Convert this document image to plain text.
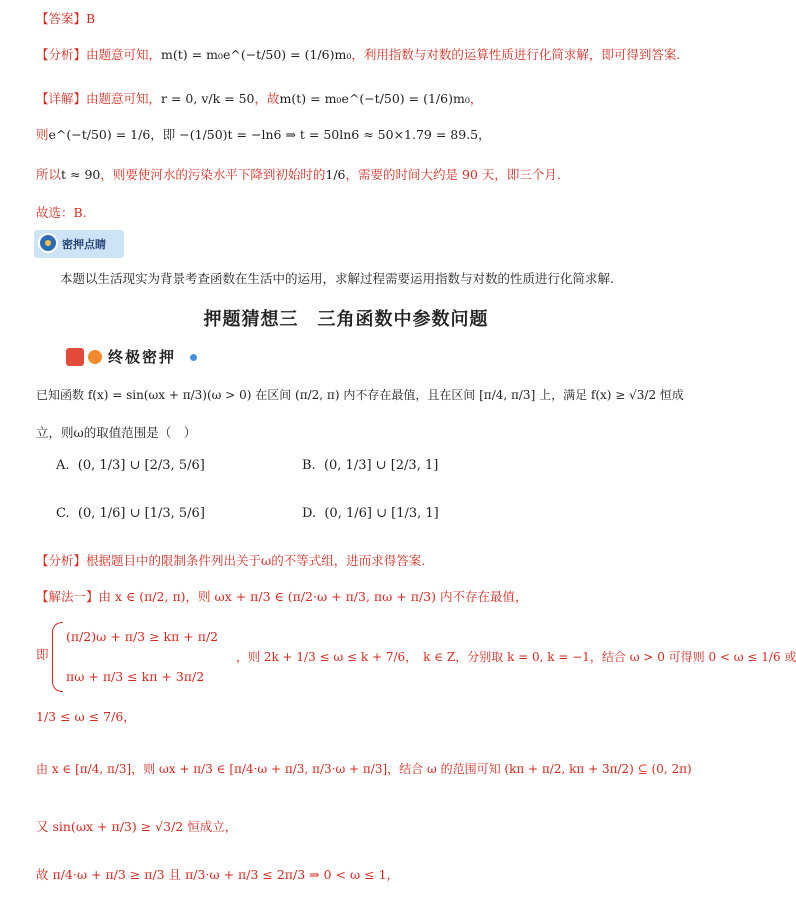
【答案】B
【分析】由题意可知，m(t) = m₀e^(−t/50) = (1/6)m₀，利用指数与对数的运算性质进行化简求解，即可得到答案.
【详解】由题意可知，r = 0, v/k = 50，故m(t) = m₀e^(−t/50) = (1/6)m₀，
则e^(−t/50) = 1/6，即 −(1/50)t = −ln6 ⇒ t = 50ln6 ≈ 50×1.79 = 89.5，
所以t ≈ 90，则要使河水的污染水平下降到初始时的1/6，需要的时间大约是 90 天，即三个月.
故选：B.
密押点睛
本题以生活现实为背景考查函数在生活中的运用，求解过程需要运用指数与对数的性质进行化简求解.
押题猜想三　三角函数中参数问题
终极密押
已知函数 f(x) = sin(ωx + π/3)(ω > 0) 在区间 (π/2, π) 内不存在最值，且在区间 [π/4, π/3] 上，满足 f(x) ≥ √3/2 恒成
立，则ω的取值范围是（　）
A. (0, 1/3] ∪ [2/3, 5/6]	B. (0, 1/3] ∪ [2/3, 1]
C. (0, 1/6] ∪ [1/3, 5/6]	D. (0, 1/6] ∪ [1/3, 1]
【分析】根据题目中的限制条件列出关于ω的不等式组，进而求得答案.
【解法一】由 x ∈ (π/2, π)，则 ωx + π/3 ∈ (π/2·ω + π/3, πω + π/3) 内不存在最值，
即
(π/2)ω + π/3 ≥ kπ + π/2
πω + π/3 ≤ kπ + 3π/2
，则 2k + 1/3 ≤ ω ≤ k + 7/6，　k ∈ Z，分别取 k = 0, k = −1，结合 ω > 0 可得则 0 < ω ≤ 1/6 或
1/3 ≤ ω ≤ 7/6，
由 x ∈ [π/4, π/3]，则 ωx + π/3 ∈ [π/4·ω + π/3, π/3·ω + π/3]，结合 ω 的范围可知 (kπ + π/2, kπ + 3π/2) ⊆ (0, 2π)
又 sin(ωx + π/3) ≥ √3/2 恒成立，
故 π/4·ω + π/3 ≥ π/3 且 π/3·ω + π/3 ≤ 2π/3 ⇒ 0 < ω ≤ 1，
